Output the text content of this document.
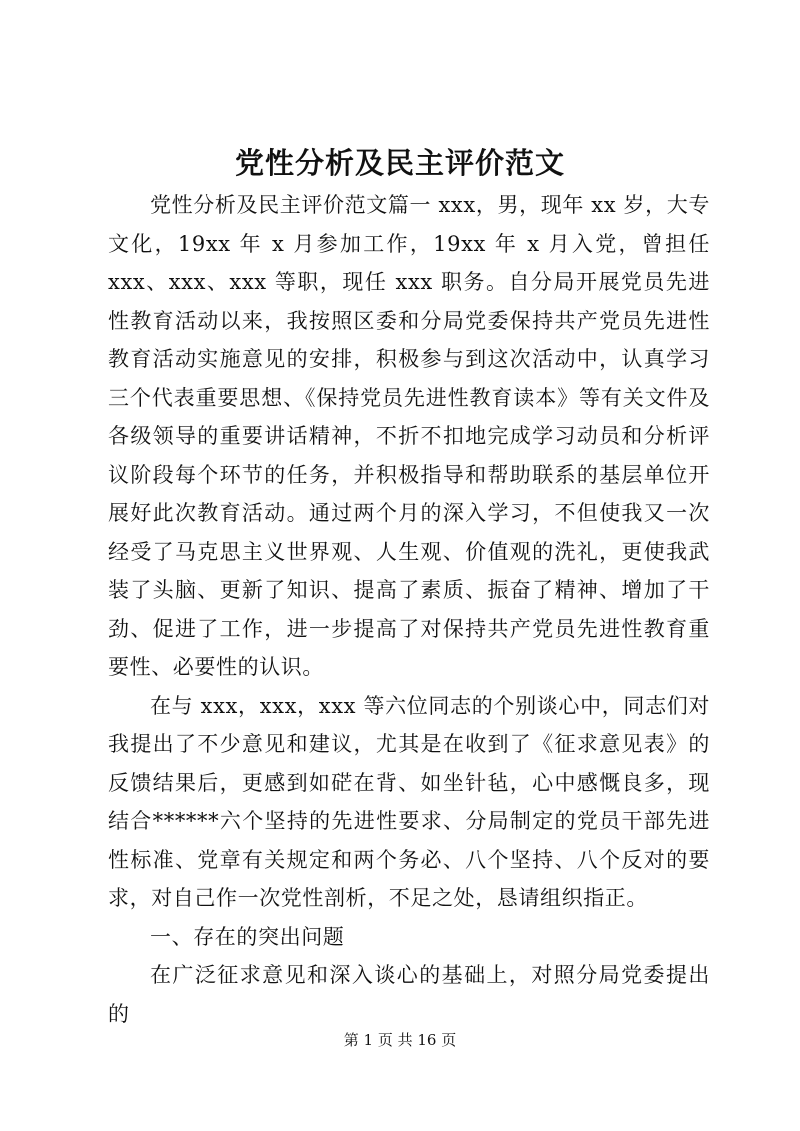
党性分析及民主评价范文

党性分析及民主评价范文篇一 xxx，男，现年 xx 岁，大专文化，19xx 年 x 月参加工作，19xx 年 x 月入党，曾担任 xxx、xxx、xxx 等职，现任 xxx 职务。自分局开展党员先进性教育活动以来，我按照区委和分局党委保持共产党员先进性教育活动实施意见的安排，积极参与到这次活动中，认真学习三个代表重要思想、《保持党员先进性教育读本》等有关文件及各级领导的重要讲话精神，不折不扣地完成学习动员和分析评议阶段每个环节的任务，并积极指导和帮助联系的基层单位开展好此次教育活动。通过两个月的深入学习，不但使我又一次经受了马克思主义世界观、人生观、价值观的洗礼，更使我武装了头脑、更新了知识、提高了素质、振奋了精神、增加了干劲、促进了工作，进一步提高了对保持共产党员先进性教育重要性、必要性的认识。

在与 xxx，xxx，xxx 等六位同志的个别谈心中，同志们对我提出了不少意见和建议，尤其是在收到了《征求意见表》的反馈结果后，更感到如硭在背、如坐针毡，心中感慨良多，现结合******六个坚持的先进性要求、分局制定的党员干部先进性标准、党章有关规定和两个务必、八个坚持、八个反对的要求，对自己作一次党性剖析，不足之处，恳请组织指正。

一、存在的突出问题

在广泛征求意见和深入谈心的基础上，对照分局党委提出的

第 1 页 共 16 页
